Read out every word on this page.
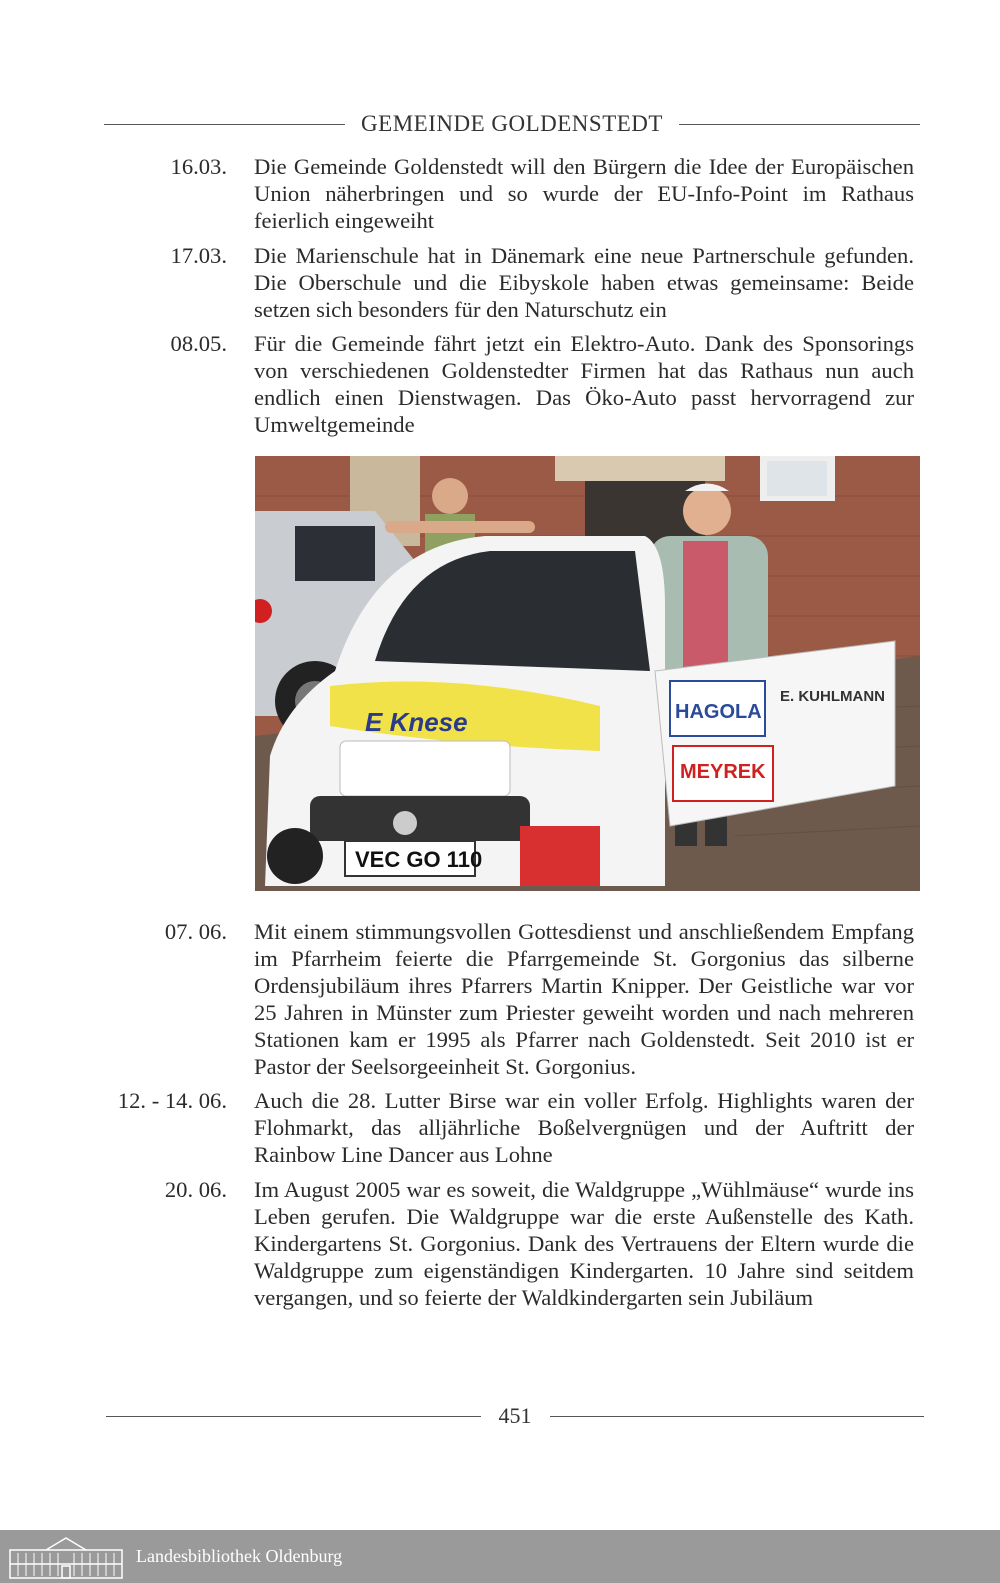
GEMEINDE GOLDENSTEDT
16.03. Die Gemeinde Goldenstedt will den Bürgern die Idee der Europäischen Union näherbringen und so wurde der EU-Info-Point im Rathaus feierlich eingeweiht
17.03. Die Marienschule hat in Dänemark eine neue Partnerschule gefunden. Die Oberschule und die Eibyskole haben etwas gemeinsame: Beide setzen sich besonders für den Naturschutz ein
08.05. Für die Gemeinde fährt jetzt ein Elektro-Auto. Dank des Sponsorings von verschiedenen Goldenstedter Firmen hat das Rathaus nun auch endlich einen Dienstwagen. Das Öko-Auto passt hervorragend zur Umweltgemeinde
E Knese
VEC GO 110
HAGOLA
E. KUHLMANN
MEYREK
07. 06. Mit einem stimmungsvollen Gottesdienst und anschließendem Empfang im Pfarrheim feierte die Pfarrgemeinde St. Gorgonius das silberne Ordensjubiläum ihres Pfarrers Martin Knipper. Der Geistliche war vor 25 Jahren in Münster zum Priester geweiht worden und nach mehreren Stationen kam er 1995 als Pfarrer nach Goldenstedt. Seit 2010 ist er Pastor der Seelsorgeeinheit St. Gorgonius.
12. - 14. 06. Auch die 28. Lutter Birse war ein voller Erfolg. Highlights waren der Flohmarkt, das alljährliche Boßelvergnügen und der Auftritt der Rainbow Line Dancer aus Lohne
20. 06. Im August 2005 war es soweit, die Waldgruppe „Wühlmäuse“ wurde ins Leben gerufen. Die Waldgruppe war die erste Außenstelle des Kath. Kindergartens St. Gorgonius. Dank des Vertrauens der Eltern wurde die Waldgruppe zum eigenständigen Kindergarten. 10 Jahre sind seitdem vergangen, und so feierte der Waldkindergarten sein Jubiläum
451
Landesbibliothek Oldenburg
